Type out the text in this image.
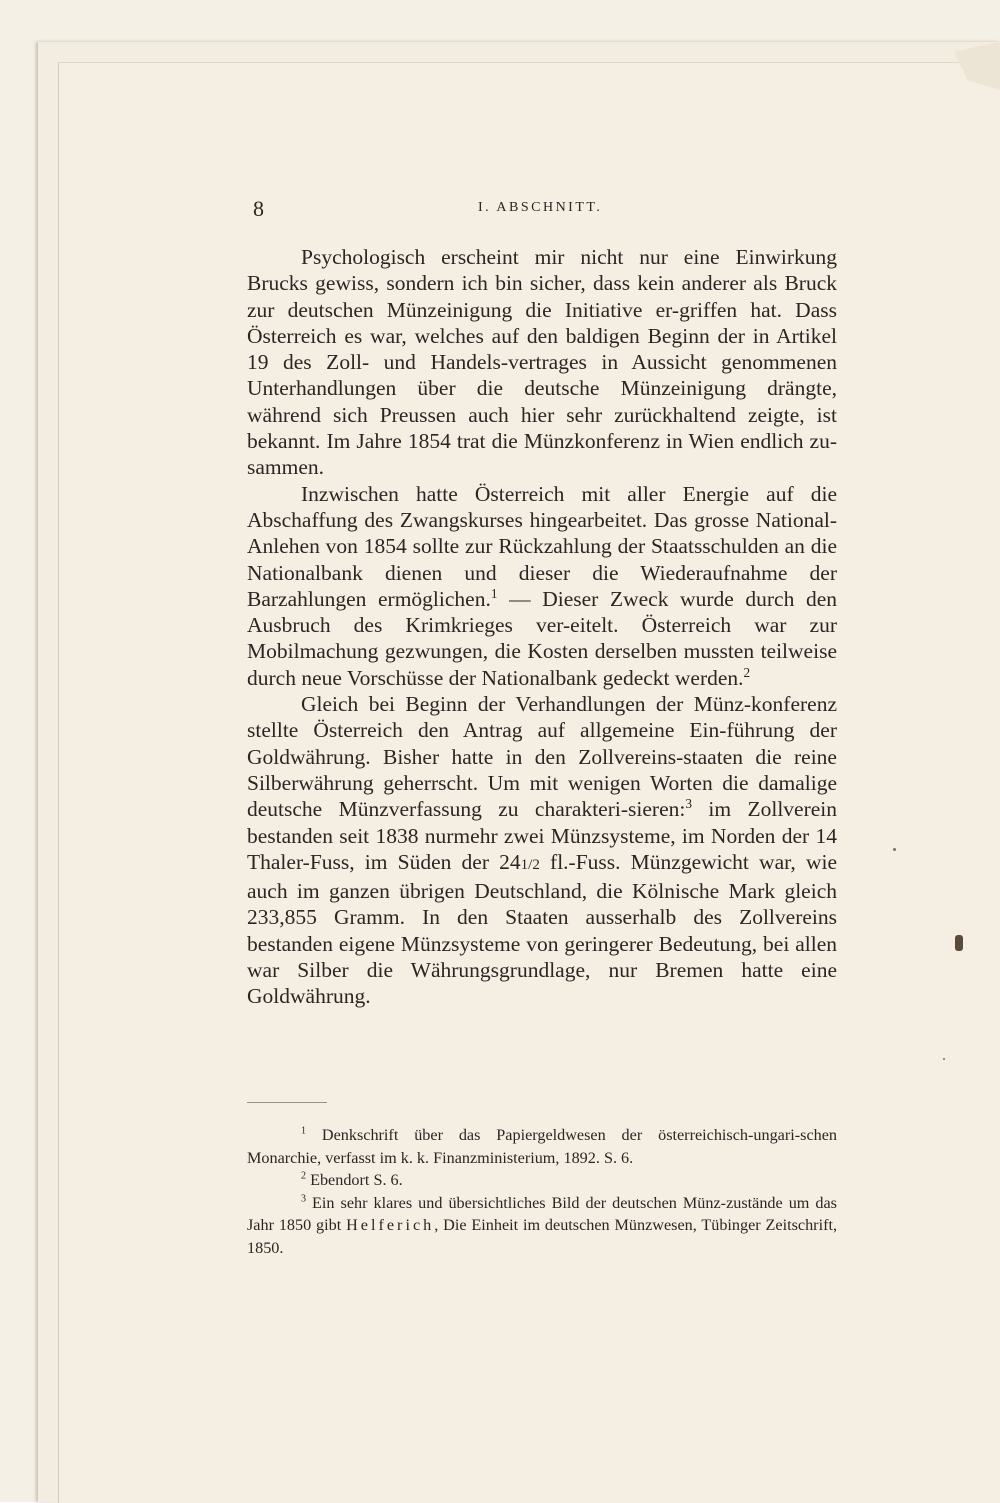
8	I. ABSCHNITT.

Psychologisch erscheint mir nicht nur eine Einwirkung Brucks gewiss, sondern ich bin sicher, dass kein anderer als Bruck zur deutschen Münzeinigung die Initiative er-griffen hat. Dass Österreich es war, welches auf den baldigen Beginn der in Artikel 19 des Zoll- und Handels-vertrages in Aussicht genommenen Unterhandlungen über die deutsche Münzeinigung drängte, während sich Preussen auch hier sehr zurückhaltend zeigte, ist bekannt. Im Jahre 1854 trat die Münzkonferenz in Wien endlich zu-sammen.

Inzwischen hatte Österreich mit aller Energie auf die Abschaffung des Zwangskurses hingearbeitet. Das grosse National-Anlehen von 1854 sollte zur Rückzahlung der Staatsschulden an die Nationalbank dienen und dieser die Wiederaufnahme der Barzahlungen ermöglichen.$^1$ — Dieser Zweck wurde durch den Ausbruch des Krimkrieges ver-eitelt. Österreich war zur Mobilmachung gezwungen, die Kosten derselben mussten teilweise durch neue Vorschüsse der Nationalbank gedeckt werden.$^2$

Gleich bei Beginn der Verhandlungen der Münz-konferenz stellte Österreich den Antrag auf allgemeine Ein-führung der Goldwährung. Bisher hatte in den Zollvereins-staaten die reine Silberwährung geherrscht. Um mit wenigen Worten die damalige deutsche Münzverfassung zu charakteri-sieren:$^3$ im Zollverein bestanden seit 1838 nurmehr zwei Münzsysteme, im Norden der 14 Thaler-Fuss, im Süden der 241/2 fl.-Fuss. Münzgewicht war, wie auch im ganzen übrigen Deutschland, die Kölnische Mark gleich 233,855 Gramm. In den Staaten ausserhalb des Zollvereins bestanden eigene Münzsysteme von geringerer Bedeutung, bei allen war Silber die Währungsgrundlage, nur Bremen hatte eine Goldwährung.

$^1$ Denkschrift über das Papiergeldwesen der österreichisch-ungari-schen Monarchie, verfasst im k. k. Finanzministerium, 1892. S. 6.

$^2$ Ebendort S. 6.

$^3$ Ein sehr klares und übersichtliches Bild der deutschen Münz-zustände um das Jahr 1850 gibt Helferich, Die Einheit im deutschen Münzwesen, Tübinger Zeitschrift, 1850.
